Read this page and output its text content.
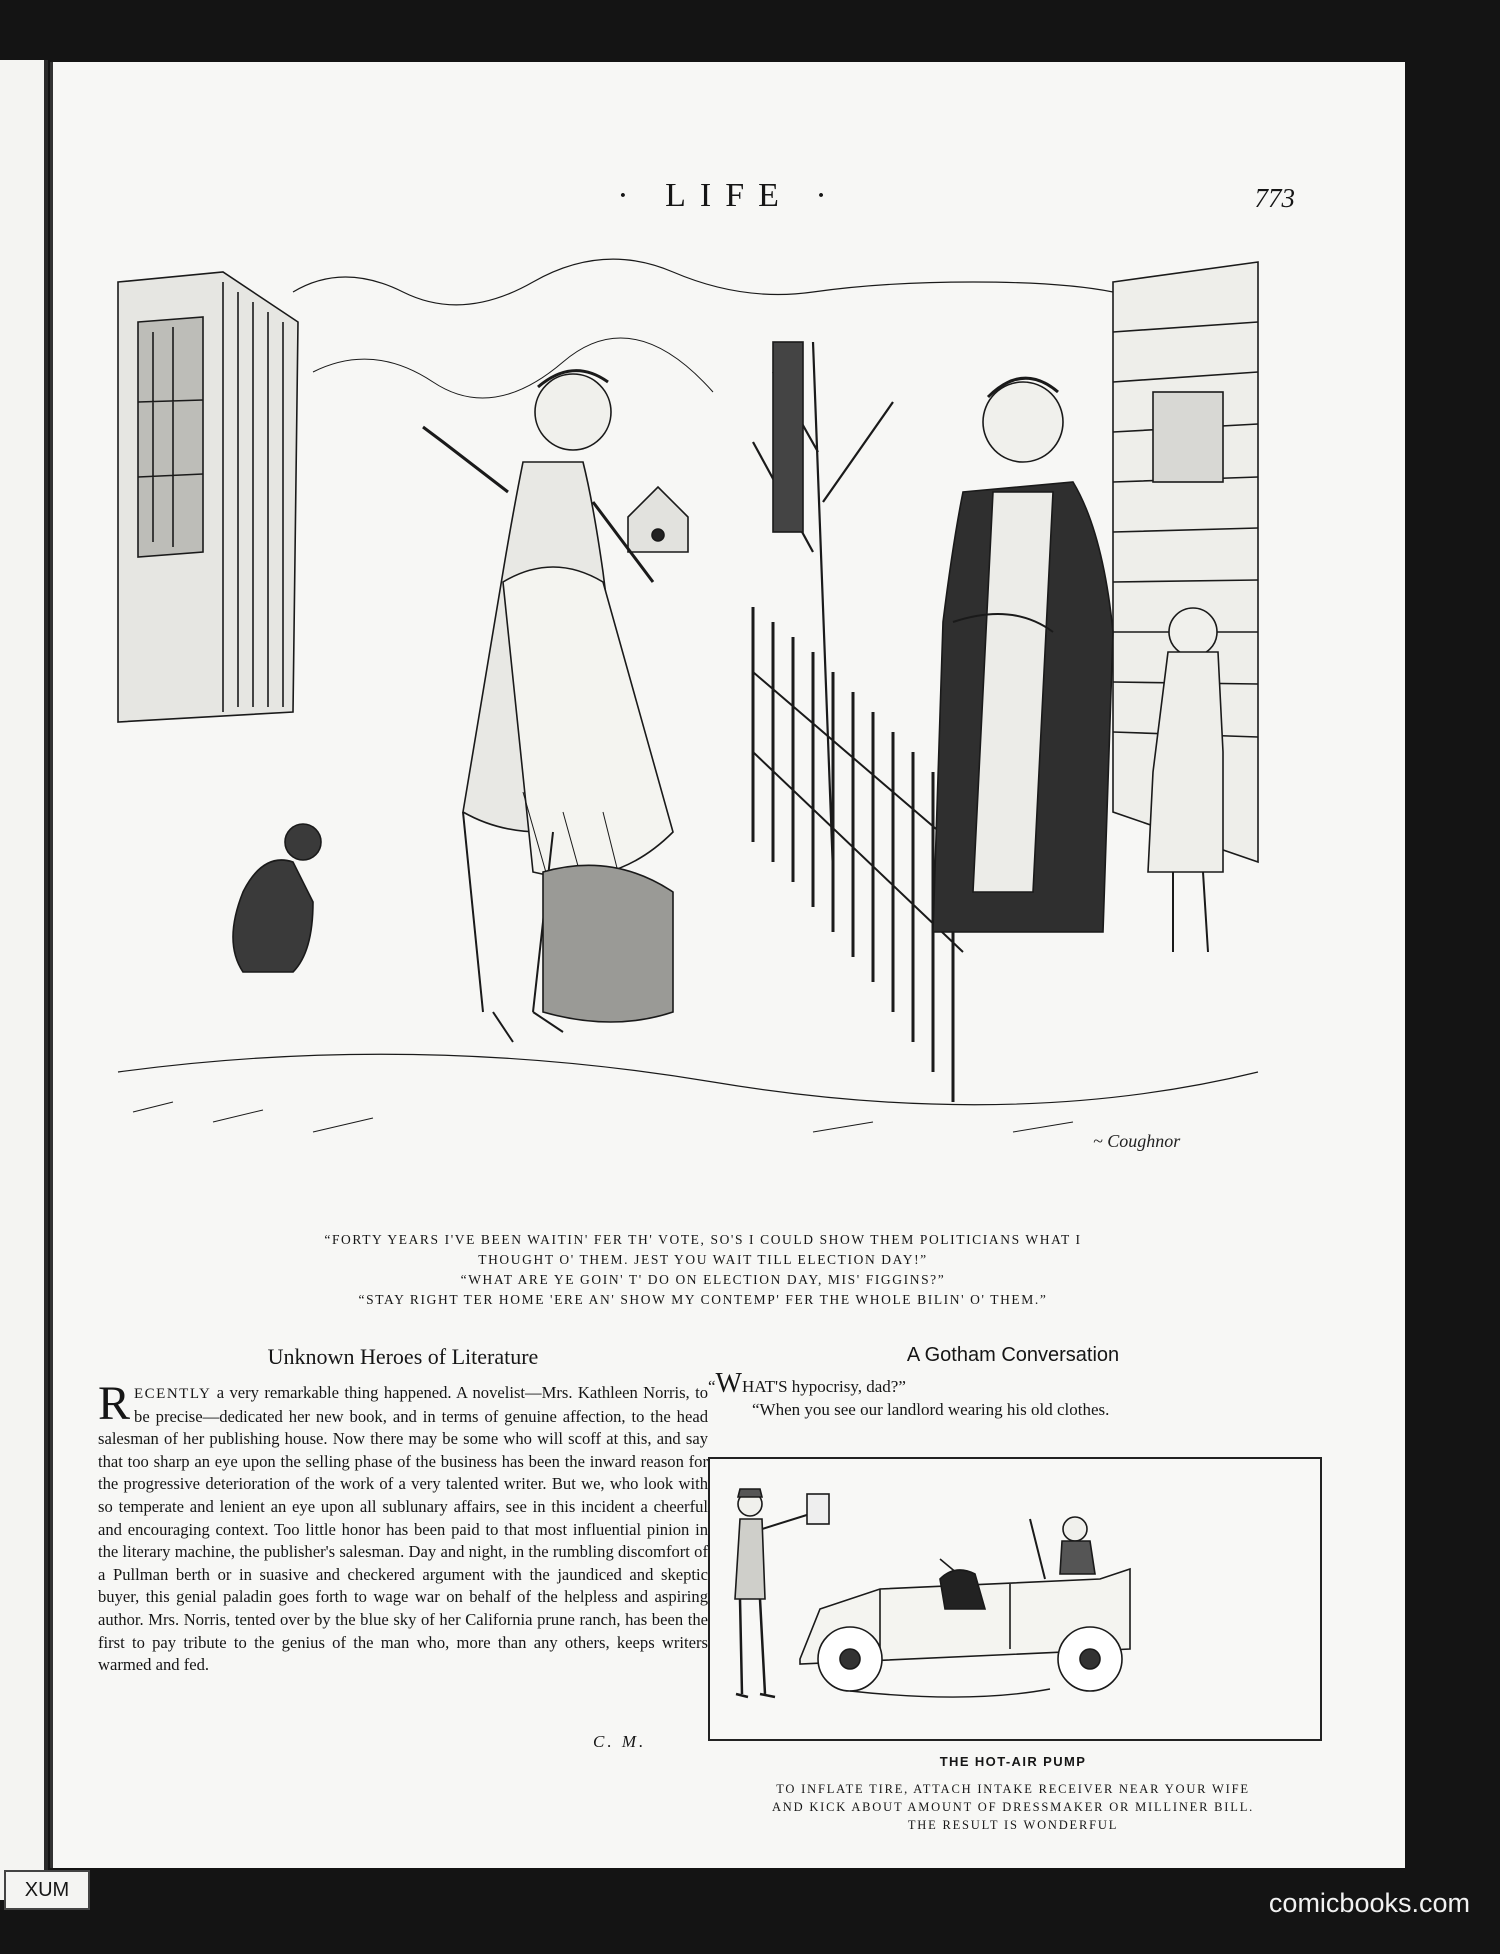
· LIFE ·	773
~ Coughnor
“FORTY YEARS I'VE BEEN WAITIN' FER TH' VOTE, SO'S I COULD SHOW THEM POLITICIANS WHAT I
THOUGHT O' THEM. JEST YOU WAIT TILL ELECTION DAY!”
“WHAT ARE YE GOIN' T' DO ON ELECTION DAY, MIS' FIGGINS?”
“STAY RIGHT TER HOME 'ERE AN' SHOW MY CONTEMP' FER THE WHOLE BILIN' O' THEM.”
Unknown Heroes of Literature
RECENTLY a very remarkable thing happened. A novelist—Mrs. Kathleen Norris, to be precise—dedicated her new book, and in terms of genuine affection, to the head salesman of her publishing house. Now there may be some who will scoff at this, and say that too sharp an eye upon the selling phase of the business has been the inward reason for the progressive deterioration of the work of a very talented writer. But we, who look with so temperate and lenient an eye upon all sublunary affairs, see in this incident a cheerful and encouraging context. Too little honor has been paid to that most influential pinion in the literary machine, the publisher's salesman. Day and night, in the rumbling discomfort of a Pullman berth or in suasive and checkered argument with the jaundiced and skeptic buyer, this genial paladin goes forth to wage war on behalf of the helpless and aspiring author. Mrs. Norris, tented over by the blue sky of her California prune ranch, has been the first to pay tribute to the genius of the man who, more than any others, keeps writers warmed and fed.
C. M.
A Gotham Conversation
“WHAT'S hypocrisy, dad?”
“When you see our landlord wearing his old clothes.
THE HOT-AIR PUMP
TO INFLATE TIRE, ATTACH INTAKE RECEIVER NEAR YOUR WIFE
AND KICK ABOUT AMOUNT OF DRESSMAKER OR MILLINER BILL.
THE RESULT IS WONDERFUL
XUM	comicbooks.com
